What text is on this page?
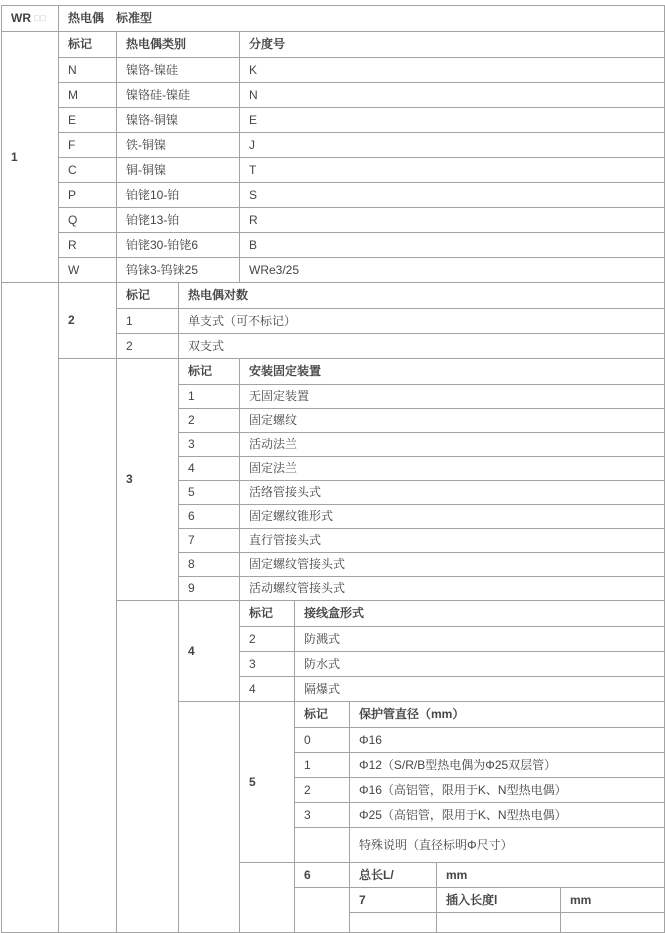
WR □□	热电偶　标准型							
1	标记	热电偶类别		分度号				
	N	镍铬-镍硅		K				
	M	镍铬硅-镍硅		N				
	E	镍铬-铜镍		E				
	F	铁-铜镍		J				
	C	铜-铜镍		T				
	P	铂铑10-铂		S				
	Q	铂铑13-铂		R				
	R	铂铑30-铂铑6		B				
	W	钨铼3-钨铼25		WRe3/25				
	2	标记	热电偶对数					
		1	单支式（可不标记）					
		2	双支式					
		3	标记	安装固定装置				
			1	无固定装置				
			2	固定螺纹				
			3	活动法兰				
			4	固定法兰				
			5	活络管接头式				
			6	固定螺纹锥形式				
			7	直行管接头式				
			8	固定螺纹管接头式				
			9	活动螺纹管接头式				
			4	标记	接线盒形式			
				2	防溅式			
				3	防水式			
				4	隔爆式			
				5	标记	保护管直径（mm）		
					0	Φ16		
					1	Φ12（S/R/B型热电偶为Φ25双层管）		
					2	Φ16（高铝管，限用于K、N型热电偶）		
					3	Φ25（高铝管，限用于K、N型热电偶）		
						特殊说明（直径标明Φ尺寸）		
					6	总长L/	mm	
						7	插入长度l	mm
